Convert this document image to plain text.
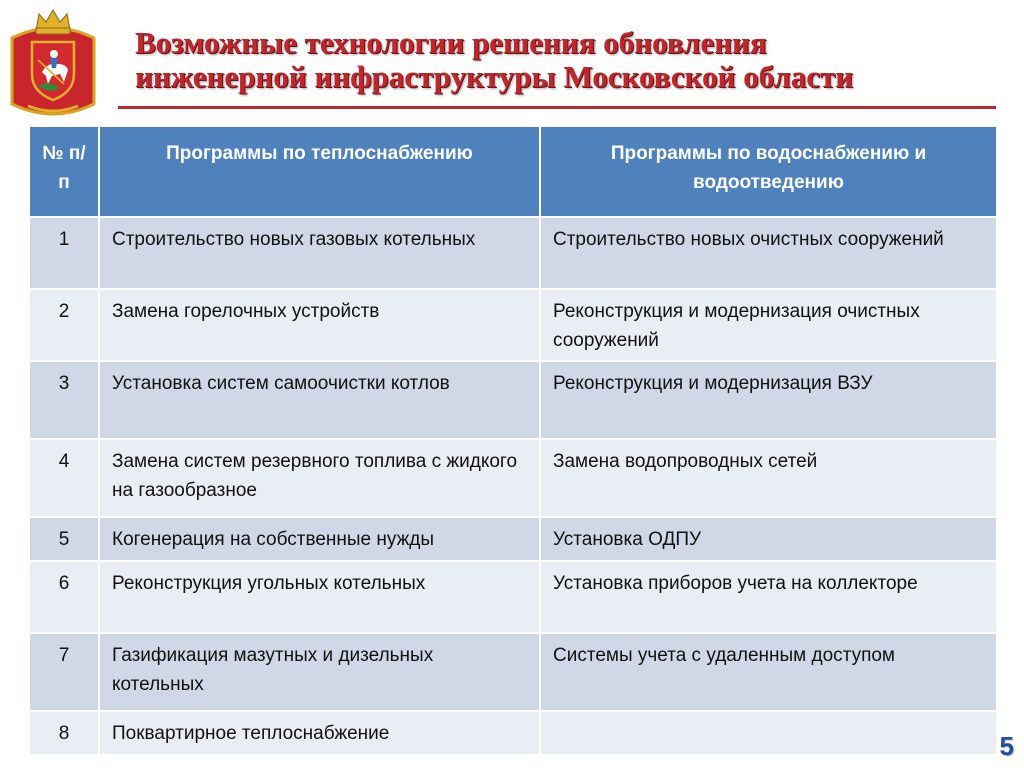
Возможные технологии решения обновления
инженерной инфраструктуры Московской области
№ п/п	Программы по теплоснабжению	Программы по водоснабжению и водоотведению
1	Строительство новых газовых котельных	Строительство новых очистных сооружений
2	Замена горелочных устройств	Реконструкция и модернизация очистных сооружений
3	Установка систем самоочистки котлов	Реконструкция и модернизация ВЗУ
4	Замена систем резервного топлива с жидкого на газообразное	Замена водопроводных сетей
5	Когенерация на собственные нужды	Установка ОДПУ
6	Реконструкция угольных котельных	Установка приборов учета на коллекторе
7	Газификация мазутных и дизельных котельных	Системы учета с удаленным доступом
8	Поквартирное теплоснабжение		5
